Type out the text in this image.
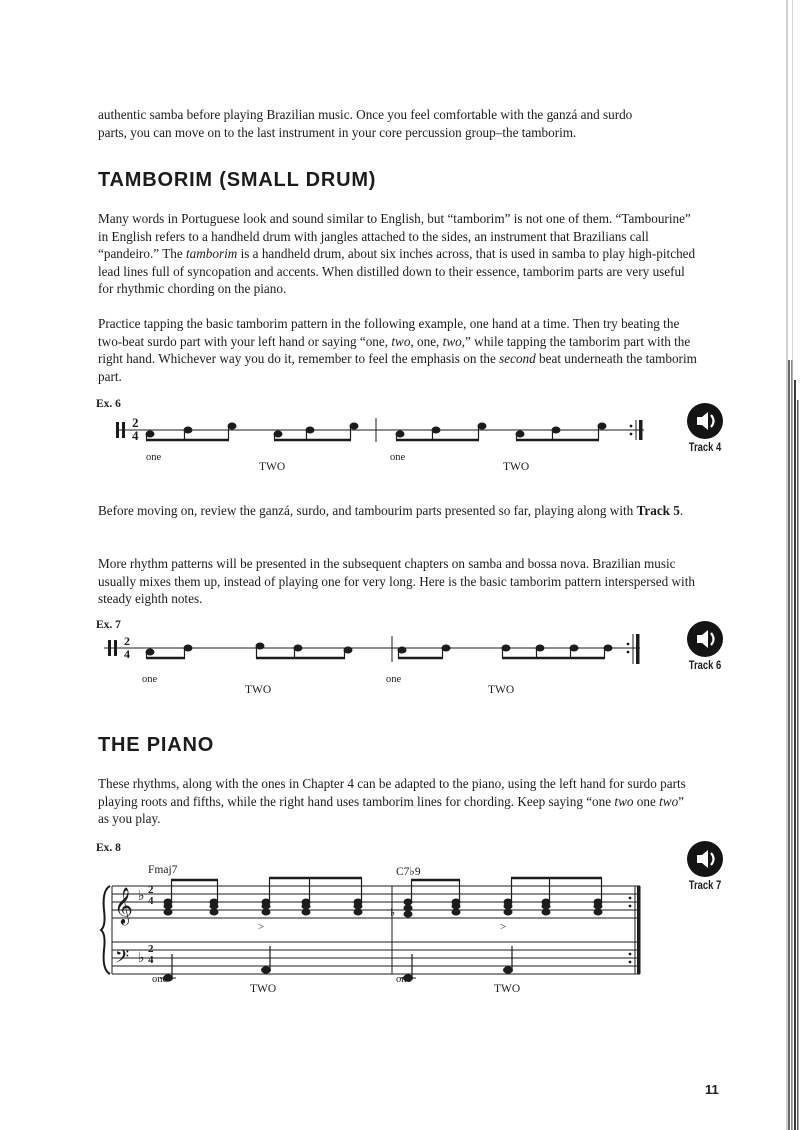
authentic samba before playing Brazilian music. Once you feel comfortable with the ganzá and surdo

parts, you can move on to the last instrument in your core percussion group–the tamborim.

TAMBORIM (SMALL DRUM)

Many words in Portuguese look and sound similar to English, but “tamborim” is not one of them. “Tambourine” in English refers to a handheld drum with jangles attached to the sides, an instrument that Brazilians call “pandeiro.” The tamborim is a handheld drum, about six inches across, that is used in samba to play high-pitched lead lines full of syncopation and accents. When distilled down to their essence, tamborim parts are very useful for rhythmic chording on the piano.

Practice tapping the basic tamborim pattern in the following example, one hand at a time. Then try beating the two-beat surdo part with your left hand or saying “one, two, one, two,” while tapping the tamborim part with the right hand. Whichever way you do it, remember to feel the emphasis on the second beat underneath the tamborim part.

Ex. 6

2
4

one

TWO

one

TWO

Track 4

Before moving on, review the ganzá, surdo, and tambourim parts presented so far, playing along with Track 5.

More rhythm patterns will be presented in the subsequent chapters on samba and bossa nova. Brazilian music usually mixes them up, instead of playing one for very long. Here is the basic tamborim pattern interspersed with steady eighth notes.

Ex. 7

2
4

one

TWO

one

TWO

Track 6
THE PIANO

These rhythms, along with the ones in Chapter 4 can be adapted to the piano, using the left hand for surdo parts playing roots and fifths, while the right hand uses tamborim lines for chording. Keep saying “one two one two” as you play.

Ex. 8

Fmaj7	C7♭9

𝄞
𝄢
♭
♭
2
4
2
4
♭
>	>

one

TWO

one

TWO

Track 7

11
